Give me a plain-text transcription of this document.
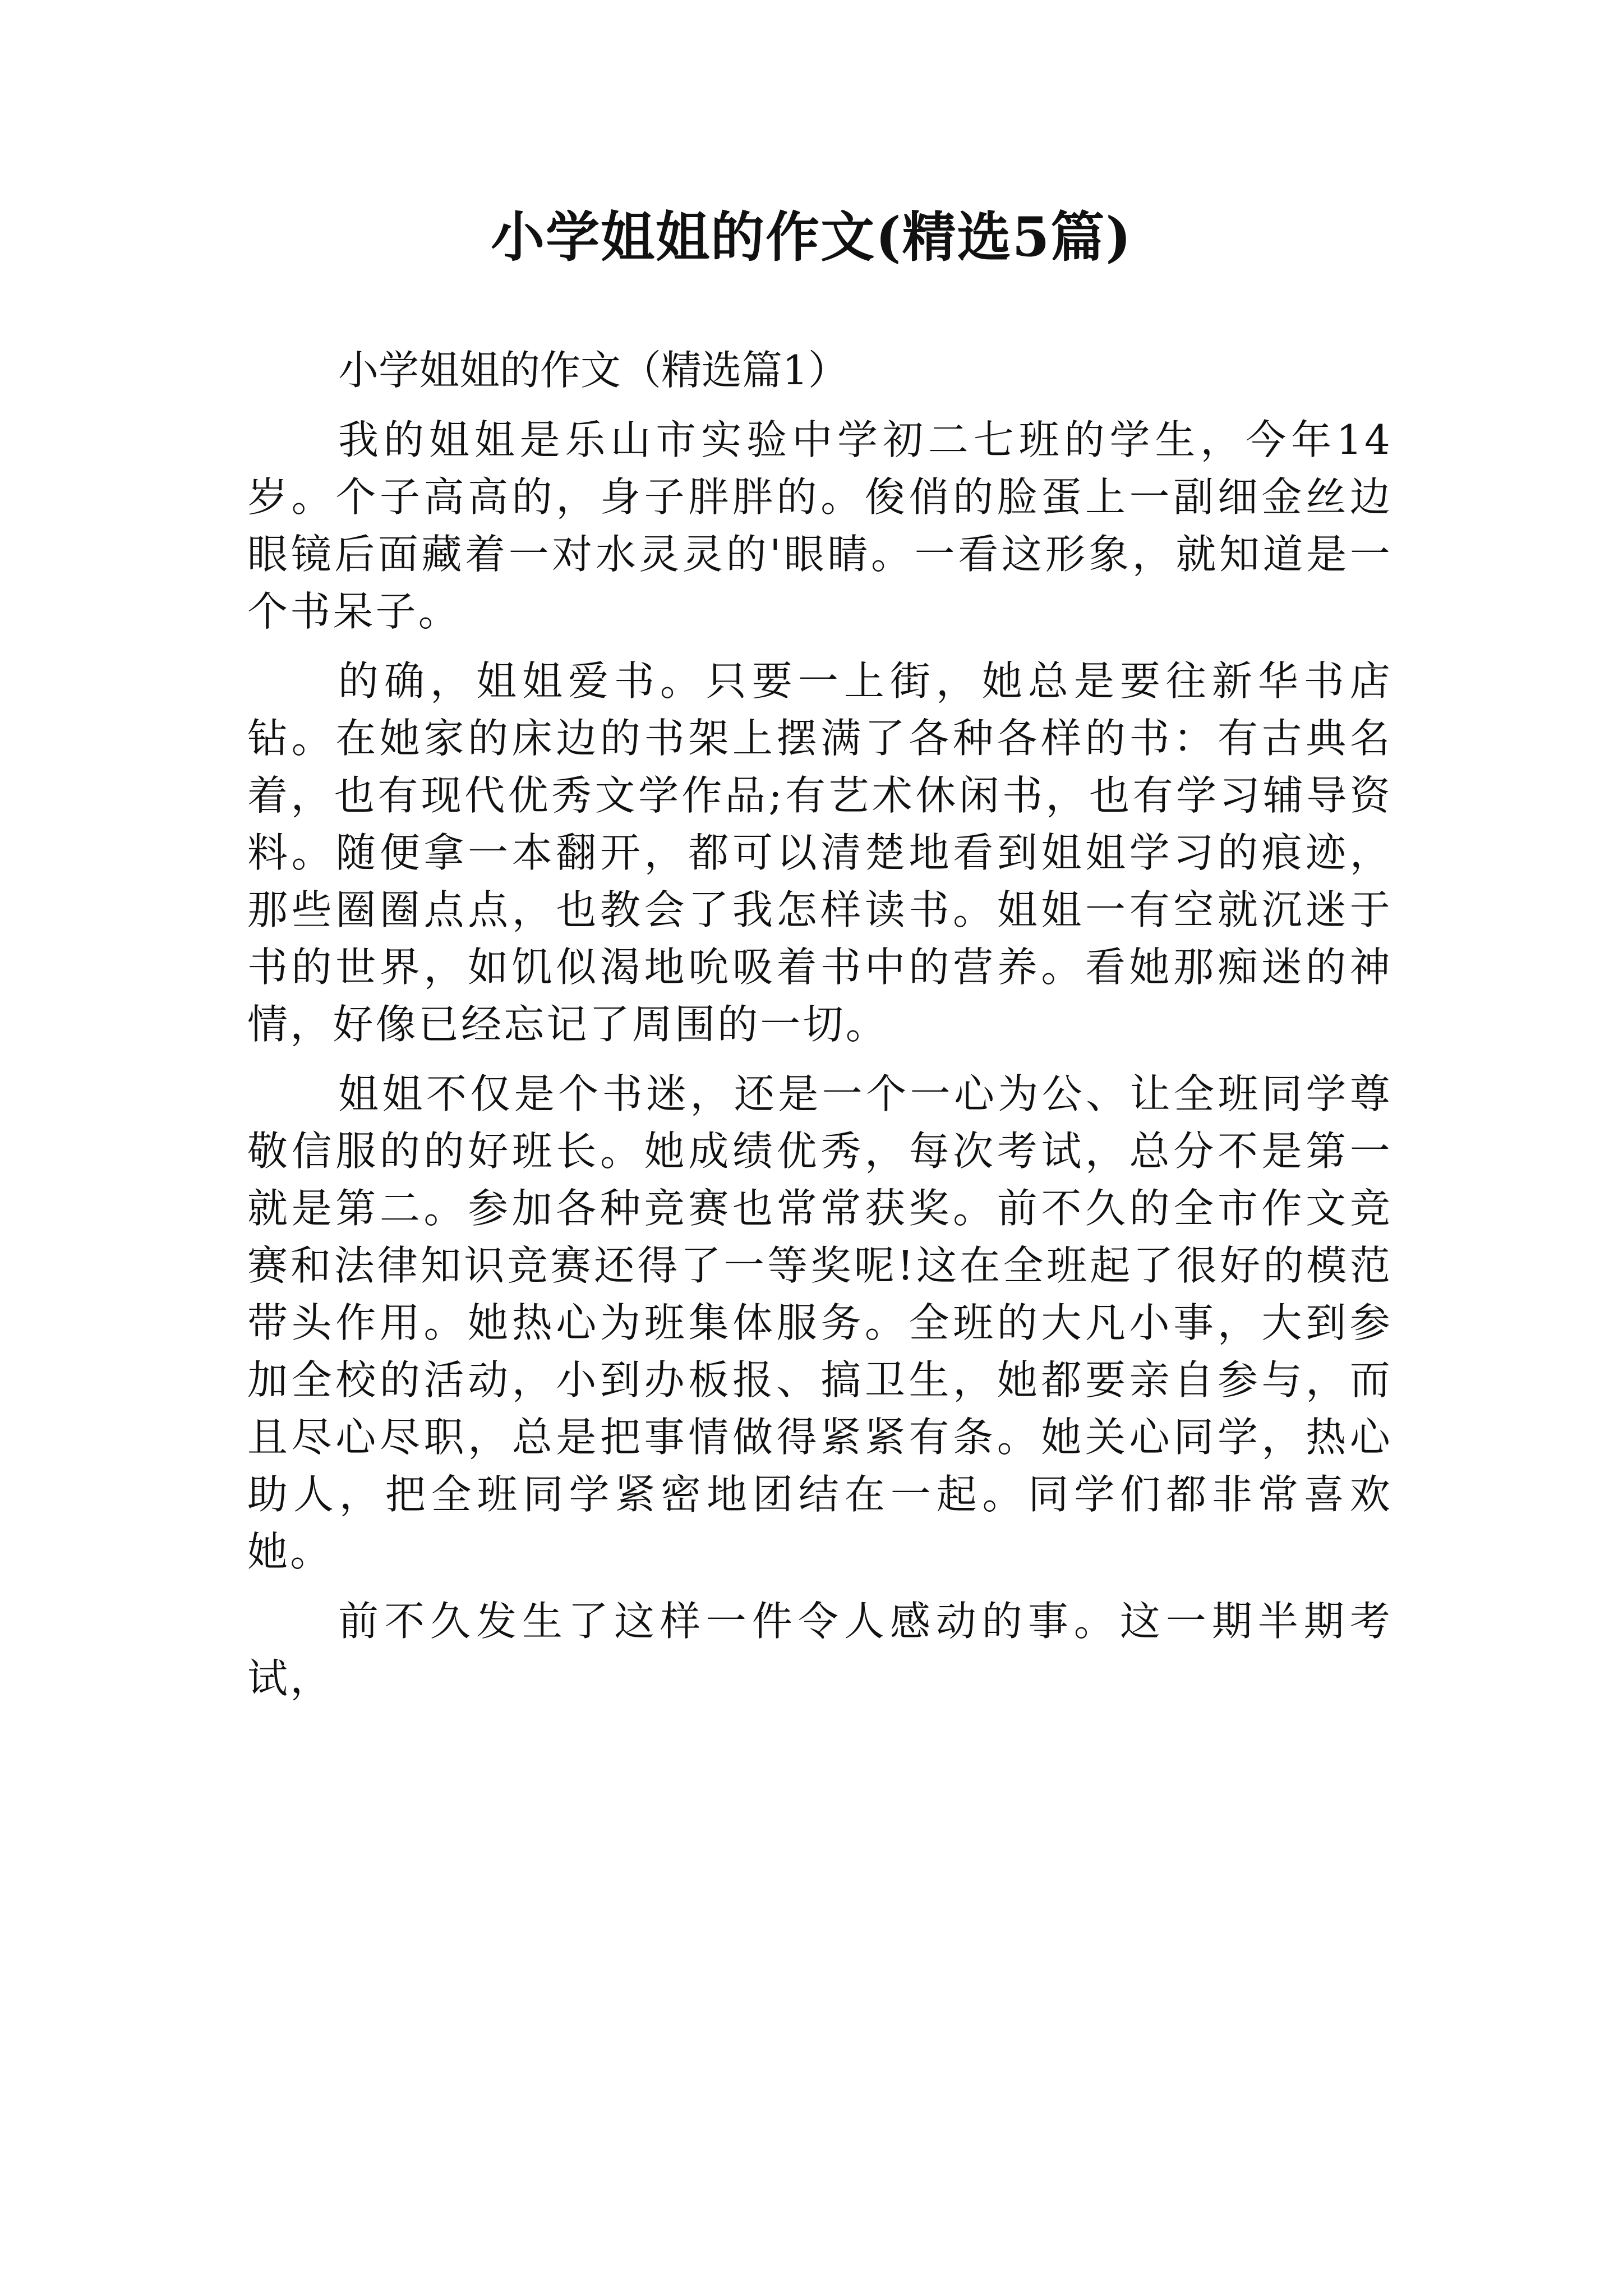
小学姐姐的作文(精选5篇)

小学姐姐的作文（精选篇1）

我的姐姐是乐山市实验中学初二七班的学生，今年14岁。个子高高的，身子胖胖的。俊俏的脸蛋上一副细金丝边眼镜后面藏着一对水灵灵的'眼睛。一看这形象，就知道是一个书呆子。

的确，姐姐爱书。只要一上街，她总是要往新华书店钻。在她家的床边的书架上摆满了各种各样的书：有古典名着，也有现代优秀文学作品;有艺术休闲书，也有学习辅导资料。随便拿一本翻开，都可以清楚地看到姐姐学习的痕迹，那些圈圈点点，也教会了我怎样读书。姐姐一有空就沉迷于书的世界，如饥似渴地吮吸着书中的营养。看她那痴迷的神情，好像已经忘记了周围的一切。

姐姐不仅是个书迷，还是一个一心为公、让全班同学尊敬信服的的好班长。她成绩优秀，每次考试，总分不是第一就是第二。参加各种竞赛也常常获奖。前不久的全市作文竞赛和法律知识竞赛还得了一等奖呢!这在全班起了很好的模范带头作用。她热心为班集体服务。全班的大凡小事，大到参加全校的活动，小到办板报、搞卫生，她都要亲自参与，而且尽心尽职，总是把事情做得紧紧有条。她关心同学，热心助人，把全班同学紧密地团结在一起。同学们都非常喜欢她。

前不久发生了这样一件令人感动的事。这一期半期考试，
